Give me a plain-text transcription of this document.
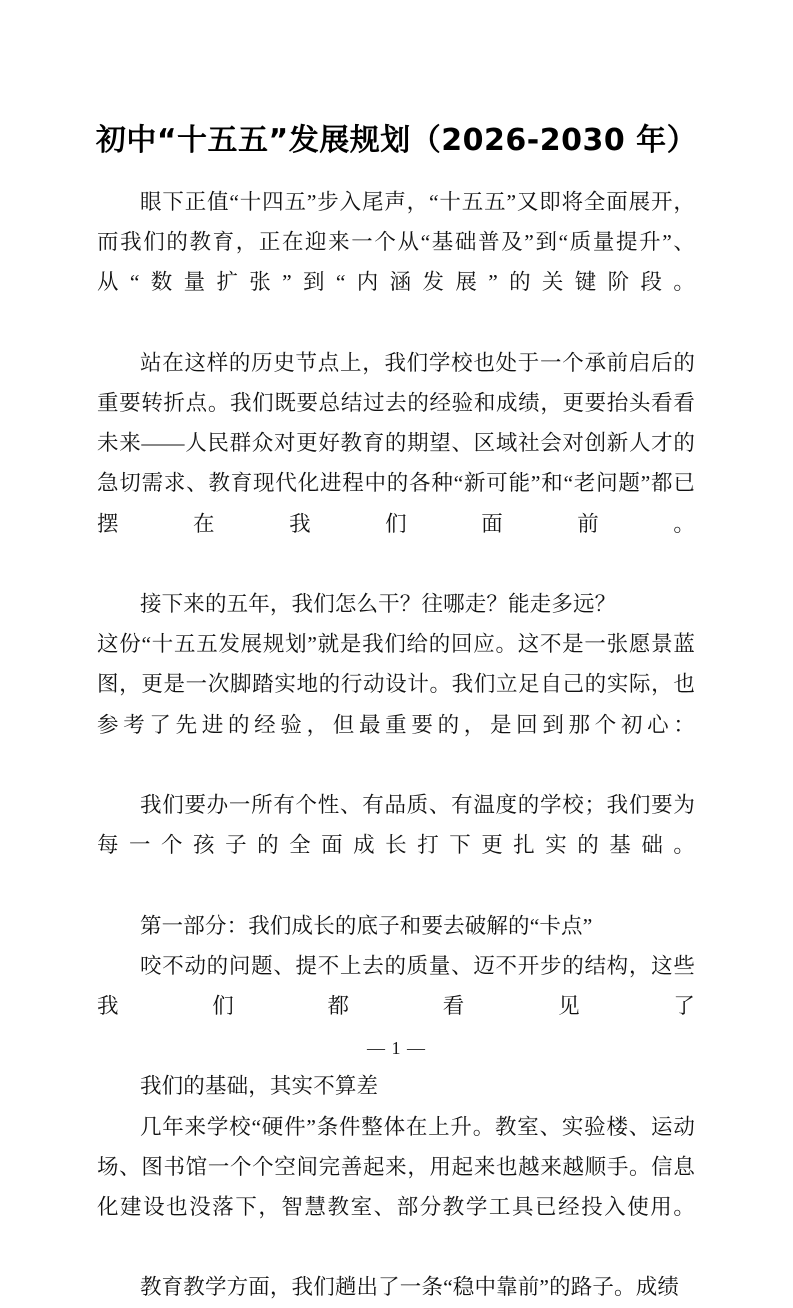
初中“十五五”发展规划（2026-2030 年）

眼下正值“十四五”步入尾声，“十五五”又即将全面展开，而我们的教育，正在迎来一个从“基础普及”到“质量提升”、从“数量扩张”到“内涵发展”的关键阶段。

站在这样的历史节点上，我们学校也处于一个承前启后的重要转折点。我们既要总结过去的经验和成绩，更要抬头看看未来——人民群众对更好教育的期望、区域社会对创新人才的急切需求、教育现代化进程中的各种“新可能”和“老问题”都已摆在我们面前。

接下来的五年，我们怎么干？往哪走？能走多远？

这份“十五五发展规划”就是我们给的回应。这不是一张愿景蓝图，更是一次脚踏实地的行动设计。我们立足自己的实际，也参考了先进的经验，但最重要的，是回到那个初心：

我们要办一所有个性、有品质、有温度的学校；我们要为每一个孩子的全面成长打下更扎实的基础。

第一部分：我们成长的底子和要去破解的“卡点”

咬不动的问题、提不上去的质量、迈不开步的结构，这些我们都看见了

我们的基础，其实不算差

几年来学校“硬件”条件整体在上升。教室、实验楼、运动场、图书馆一个个空间完善起来，用起来也越来越顺手。信息化建设也没落下，智慧教室、部分教学工具已经投入使用。

教育教学方面，我们趟出了一条“稳中靠前”的路子。成绩

— 1 —
